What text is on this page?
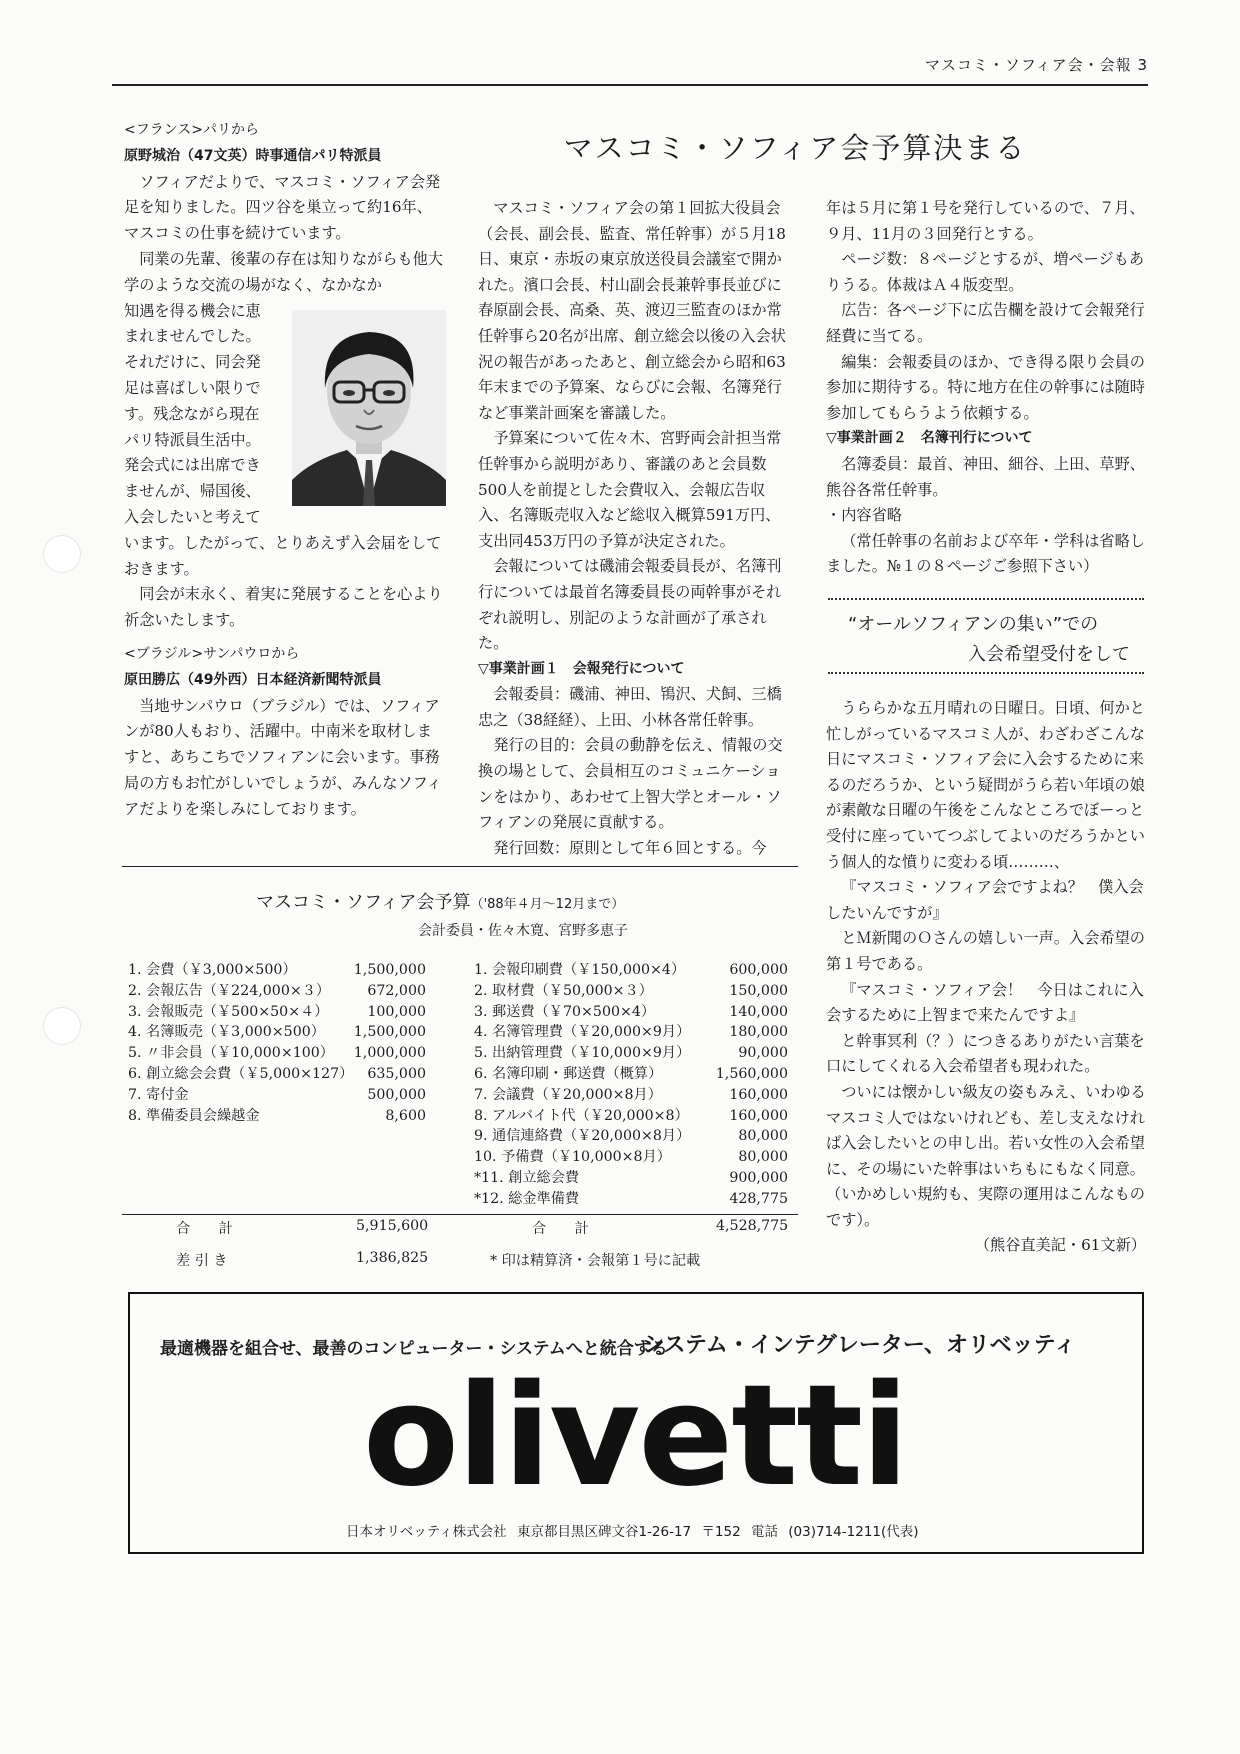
マスコミ・ソフィア会・会報 3
<フランス>パリから
原野城治（47文英）時事通信パリ特派員

ソフィアだよりで、マスコミ・ソフィア会発足を知りました。四ツ谷を巣立って約16年、マスコミの仕事を続けています。

同業の先輩、後輩の存在は知りながらも他大学のような交流の場がなく、なかなか

知遇を得る機会に恵
まれませんでした。
それだけに、同会発
足は喜ばしい限りで
す。残念ながら現在
パリ特派員生活中。
発会式には出席でき
ませんが、帰国後、
入会したいと考えて

います。したがって、とりあえず入会届をしておきます。

同会が末永く、着実に発展することを心より祈念いたします。

<ブラジル>サンパウロから
原田勝広（49外西）日本経済新聞特派員

当地サンパウロ（ブラジル）では、ソフィアンが80人もおり、活躍中。中南米を取材しますと、あちこちでソフィアンに会います。事務局の方もお忙がしいでしょうが、みんなソフィアだよりを楽しみにしております。

マスコミ・ソフィア会予算決まる

マスコミ・ソフィア会の第１回拡大役員会（会長、副会長、監査、常任幹事）が５月18日、東京・赤坂の東京放送役員会議室で開かれた。濱口会長、村山副会長兼幹事長並びに春原副会長、高桑、英、渡辺三監査のほか常任幹事ら20名が出席、創立総会以後の入会状況の報告があったあと、創立総会から昭和63年末までの予算案、ならびに会報、名簿発行など事業計画案を審議した。

予算案について佐々木、宮野両会計担当常任幹事から説明があり、審議のあと会員数500人を前提とした会費収入、会報広告収入、名簿販売収入など総収入概算591万円、支出同453万円の予算が決定された。

会報については磯浦会報委員長が、名簿刊行については最首名簿委員長の両幹事がそれぞれ説明し、別記のような計画が了承された。

▽事業計画１　会報発行について

会報委員：磯浦、神田、鴇沢、犬飼、三橋忠之（38経経）、上田、小林各常任幹事。

発行の目的：会員の動静を伝え、情報の交換の場として、会員相互のコミュニケーションをはかり、あわせて上智大学とオール・ソフィアンの発展に貢献する。

発行回数：原則として年６回とする。今

年は５月に第１号を発行しているので、７月、９月、11月の３回発行とする。

ページ数：８ページとするが、増ページもありうる。体裁はＡ４版変型。

広告：各ページ下に広告欄を設けて会報発行経費に当てる。

編集：会報委員のほか、でき得る限り会員の参加に期待する。特に地方在住の幹事には随時参加してもらうよう依頼する。

▽事業計画２　名簿刊行について

名簿委員：最首、神田、細谷、上田、草野、熊谷各常任幹事。

・内容省略

（常任幹事の名前および卒年・学科は省略しました。№１の８ページご参照下さい）

“オールソフィアンの集い”での
入会希望受付をして

うららかな五月晴れの日曜日。日頃、何かと忙しがっているマスコミ人が、わざわざこんな日にマスコミ・ソフィア会に入会するために来るのだろうか、という疑問がうら若い年頃の娘が素敵な日曜の午後をこんなところでぼーっと受付に座っていてつぶしてよいのだろうかという個人的な憤りに変わる頃………、

『マスコミ・ソフィア会ですよね？　僕入会したいんですが』

とＭ新聞のＯさんの嬉しい一声。入会希望の第１号である。

『マスコミ・ソフィア会！　今日はこれに入会するために上智まで来たんですよ』

と幹事冥利（？）につきるありがたい言葉を口にしてくれる入会希望者も現われた。

ついには懐かしい級友の姿もみえ、いわゆるマスコミ人ではないけれども、差し支えなければ入会したいとの申し出。若い女性の入会希望に、その場にいた幹事はいちもにもなく同意。（いかめしい規約も、実際の運用はこんなものです）。

（熊谷直美記・61文新）
マスコミ・ソフィア会予算（'88年４月～12月まで）
会計委員・佐々木寛、宮野多恵子
1. 会費（￥3,000×500）	1,500,000
2. 会報広告（￥224,000×３）	672,000
3. 会報販売（￥500×50×４）	100,000
4. 名簿販売（￥3,000×500）	1,500,000
5. 〃非会員（￥10,000×100）	1,000,000
6. 創立総会会費（￥5,000×127） 635,000
7. 寄付金	500,000
8. 準備委員会繰越金	8,600
1. 会報印刷費（￥150,000×4）	600,000
2. 取材費（￥50,000×３）	150,000
3. 郵送費（￥70×500×4）	140,000
4. 名簿管理費（￥20,000×9月）	180,000
5. 出納管理費（￥10,000×9月）	90,000
6. 名簿印刷・郵送費（概算）	1,560,000
7. 会議費（￥20,000×8月）	160,000
8. アルバイト代（￥20,000×8）	160,000
9. 通信連絡費（￥20,000×8月）	80,000
10. 予備費（￥10,000×8月）	80,000
*11. 創立総会費	900,000
*12. 総金準備費	428,775
合　　計	5,915,600
差 引 き	1,386,825
合　　計	4,528,775
* 印は精算済・会報第１号に記載
最適機器を組合せ、最善のコンピューター・システムへと統合する
システム・インテグレーター、オリベッティ
olivetti
日本オリベッティ株式会社 東京都目黒区碑文谷1-26-17 〒152 電話 (03)714-1211(代表)
